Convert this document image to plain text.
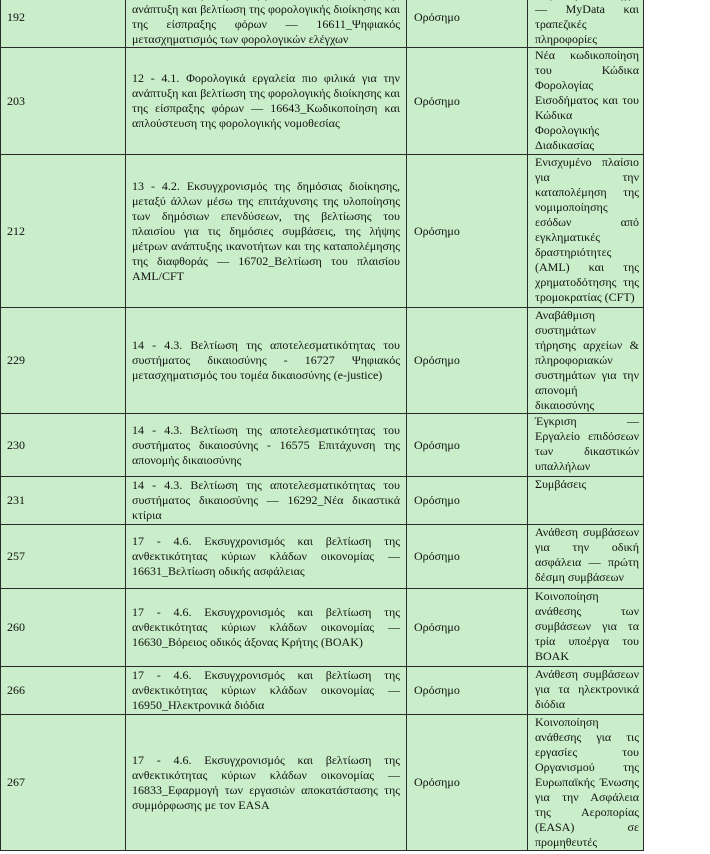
192	ανάπτυξη και βελτίωση της φορολογικής διοίκησης και της είσπραξης φόρων — 16611_Ψηφιακός μετασχηματισμός των φορολογικών ελέγχων	Ορόσημο	— MyData και τραπεζικές πληροφορίες

203	12 - 4.1. Φορολογικά εργαλεία πιο φιλικά για την ανάπτυξη και βελτίωση της φορολογικής διοίκησης και της είσπραξης φόρων — 16643_Κωδικοποίηση και απλούστευση της φορολογικής νομοθεσίας	Ορόσημο	Νέα κωδικοποίηση του Κώδικα Φορολογίας Εισοδήματος και του Κώδικα Φορολογικής Διαδικασίας

212	13 - 4.2. Εκσυγχρονισμός της δημόσιας διοίκησης, μεταξύ άλλων μέσω της επιτάχυνσης της υλοποίησης των δημόσιων επενδύσεων, της βελτίωσης του πλαισίου για τις δημόσιες συμβάσεις, της λήψης μέτρων ανάπτυξης ικανοτήτων και της καταπολέμησης της διαφθοράς — 16702_Βελτίωση του πλαισίου AML/CFT	Ορόσημο	Ενισχυμένο πλαίσιο για την καταπολέμηση της νομιμοποίησης εσόδων από εγκληματικές δραστηριότητες (AML) και της χρηματοδότησης της τρομοκρατίας (CFT)

229	14 - 4.3. Βελτίωση της αποτελεσματικότητας του συστήματος δικαιοσύνης - 16727 Ψηφιακός μετασχηματισμός του τομέα δικαιοσύνης (e-justice)	Ορόσημο	Αναβάθμιση συστημάτων τήρησης αρχείων & πληροφοριακών συστημάτων για την απονομή δικαιοσύνης

230	14 - 4.3. Βελτίωση της αποτελεσματικότητας του συστήματος δικαιοσύνης - 16575 Επιτάχυνση της απονομής δικαιοσύνης	Ορόσημο	Έγκριση — Εργαλείο επιδόσεων των δικαστικών υπαλλήλων

231	14 - 4.3. Βελτίωση της αποτελεσματικότητας του συστήματος δικαιοσύνης — 16292_Νέα δικαστικά κτίρια	Ορόσημο	Συμβάσεις

257	17 - 4.6. Εκσυγχρονισμός και βελτίωση της ανθεκτικότητας κύριων κλάδων οικονομίας — 16631_Βελτίωση οδικής ασφάλειας	Ορόσημο	Ανάθεση συμβάσεων για την οδική ασφάλεια — πρώτη δέσμη συμβάσεων

260	17 - 4.6. Εκσυγχρονισμός και βελτίωση της ανθεκτικότητας κύριων κλάδων οικονομίας — 16630_Βόρειος οδικός άξονας Κρήτης (BOAK)	Ορόσημο	Κοινοποίηση ανάθεσης των συμβάσεων για τα τρία υποέργα του BOAK

266	17 - 4.6. Εκσυγχρονισμός και βελτίωση της ανθεκτικότητας κύριων κλάδων οικονομίας — 16950_Ηλεκτρονικά διόδια	Ορόσημο	Ανάθεση συμβάσεων για τα ηλεκτρονικά διόδια

267	17 - 4.6. Εκσυγχρονισμός και βελτίωση της ανθεκτικότητας κύριων κλάδων οικονομίας — 16833_Εφαρμογή των εργασιών αποκατάστασης της συμμόρφωσης με τον EASA	Ορόσημο	Κοινοποίηση ανάθεσης για τις εργασίες του Οργανισμού της Ευρωπαϊκής Ένωσης για την Ασφάλεια της Αεροπορίας (EASA) σε προμηθευτές
